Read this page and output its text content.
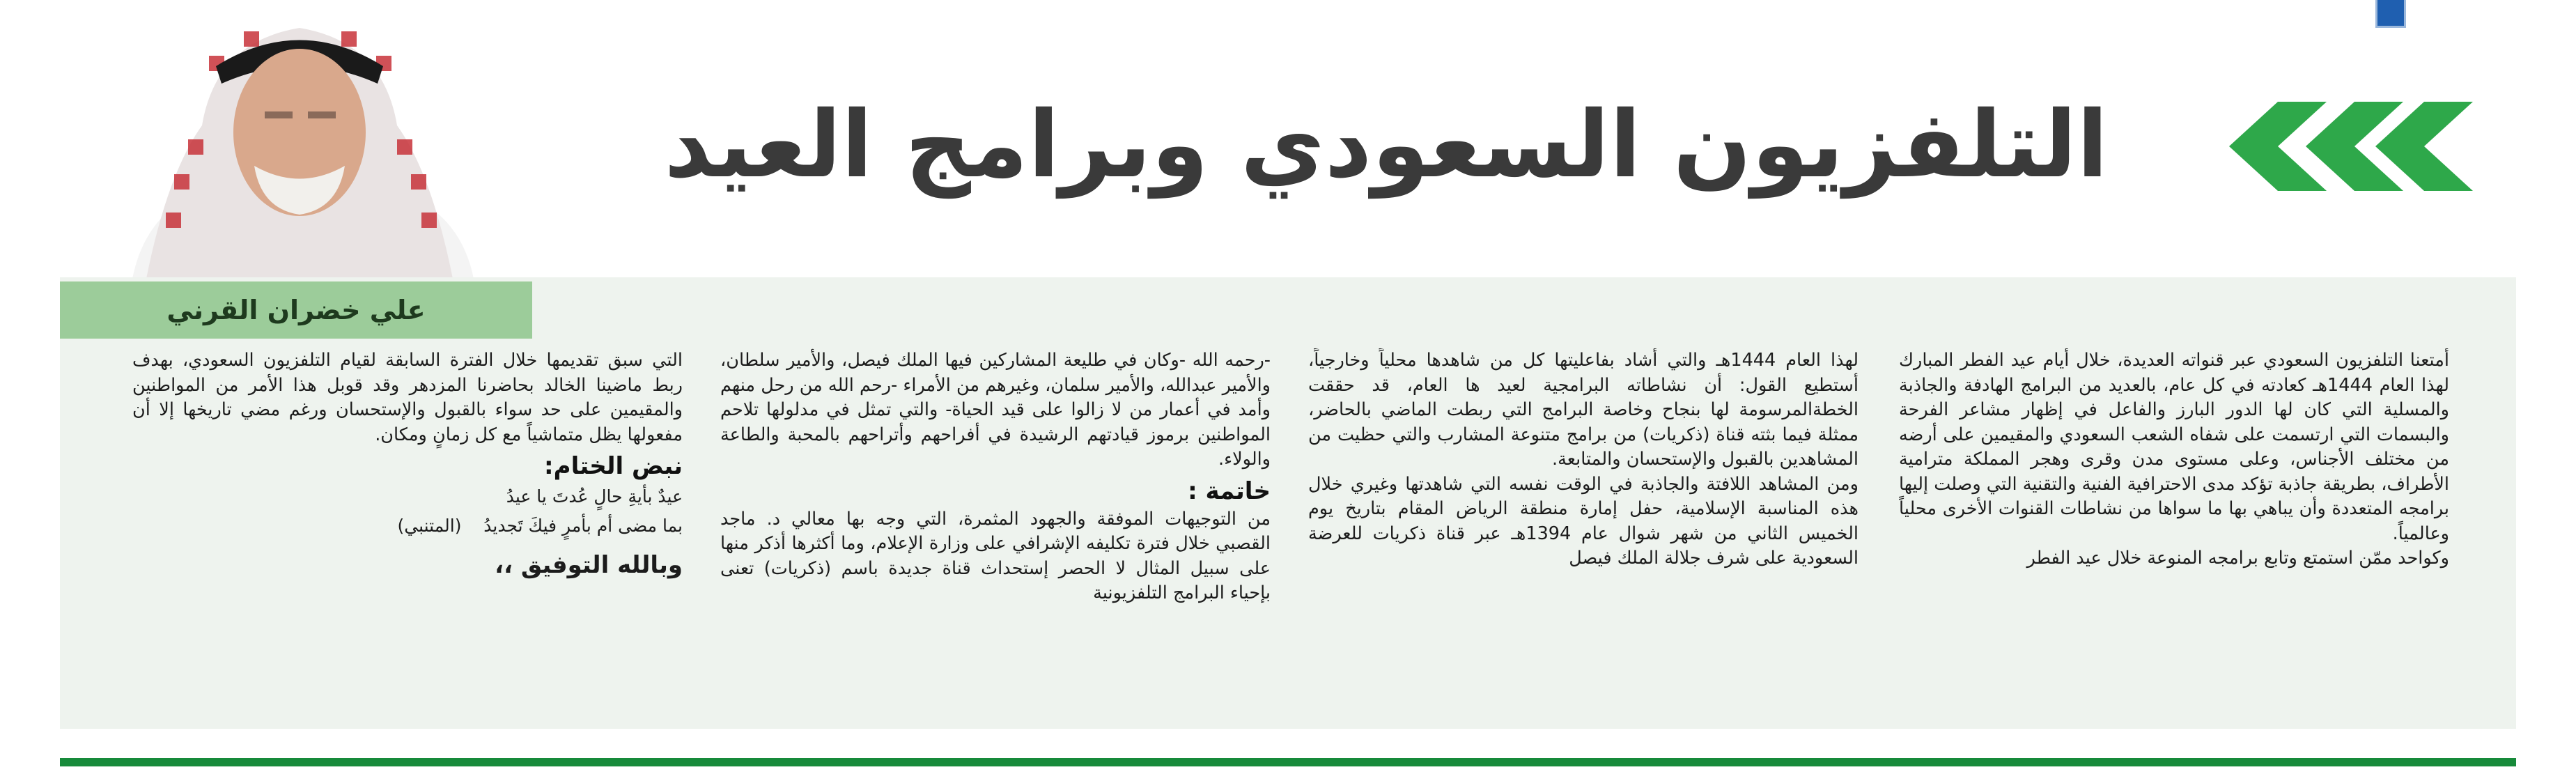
التلفزيون السعودي وبرامج العيد
علي خضران القرني

أمتعنا التلفزيون السعودي عبر قنواته العديدة، خلال أيام عيد الفطر المبارك لهذا العام 1444هـ كعادته في كل عام، بالعديد من البرامج الهادفة والجاذبة والمسلية التي كان لها الدور البارز والفاعل في إظهار مشاعر الفرحة والبسمات التي ارتسمت على شفاه الشعب السعودي والمقيمين على أرضه من مختلف الأجناس، وعلى مستوى مدن وقرى وهجر المملكة مترامية الأطراف، بطريقة جاذبة تؤكد مدى الاحترافية الفنية والتقنية التي وصلت إليها برامجه المتعددة وأن يباهي بها ما سواها من نشاطات القنوات الأخرى محلياً وعالمياً.

وكواحد ممّن استمتع وتابع برامجه المنوعة خلال عيد الفطر

لهذا العام 1444هـ والتي أشاد بفاعليتها كل من شاهدها محلياً وخارجياً، أستطيع القول: أن نشاطاته البرامجية لعيد ها العام، قد حققت الخطةالمرسومة لها بنجاح وخاصة البرامج التي ربطت الماضي بالحاضر، ممثلة فيما بثته قناة (ذكريات) من برامج متنوعة المشارب والتي حظيت من المشاهدين بالقبول والإستحسان والمتابعة.

ومن المشاهد اللافتة والجاذبة في الوقت نفسه التي شاهدتها وغيري خلال هذه المناسبة الإسلامية، حفل إمارة منطقة الرياض المقام بتاريخ يوم الخميس الثاني من شهر شوال عام 1394هـ عبر قناة ذكريات للعرضة السعودية على شرف جلالة الملك فيصل

-رحمه الله -وكان في طليعة المشاركين فيها الملك فيصل، والأمير سلطان، والأمير عبدالله، والأمير سلمان، وغيرهم من الأمراء -رحم الله من رحل منهم وأمد في أعمار من لا زالوا على قيد الحياة- والتي تمثل في مدلولها تلاحم المواطنين برموز قيادتهم الرشيدة في أفراحهم وأتراحهم بالمحبة والطاعة والولاء.

خاتمة :

من التوجيهات الموفقة والجهود المثمرة، التي وجه بها معالي د. ماجد القصبي خلال فترة تكليفه الإشرافي على وزارة الإعلام، وما أكثرها أذكر منها على سبيل المثال لا الحصر إستحداث قناة جديدة باسم (ذكريات) تعنى بإحياء البرامج التلفزيونية

التي سبق تقديمها خلال الفترة السابقة لقيام التلفزيون السعودي، بهدف ربط ماضينا الخالد بحاضرنا المزدهر وقد قوبل هذا الأمر من المواطنين والمقيمين على حد سواء بالقبول والإستحسان ورغم مضي تاريخها إلا أن مفعولها يظل متماشياً مع كل زمانٍ ومكان.

نبض الختام:
عيدٌ بأيةِ حالٍ عُدتَ يا عيدُ
بما مضى أم بأمرٍ فيكَ تَجديدُ    (المتنبي)
وبالله التوفيق ،،
